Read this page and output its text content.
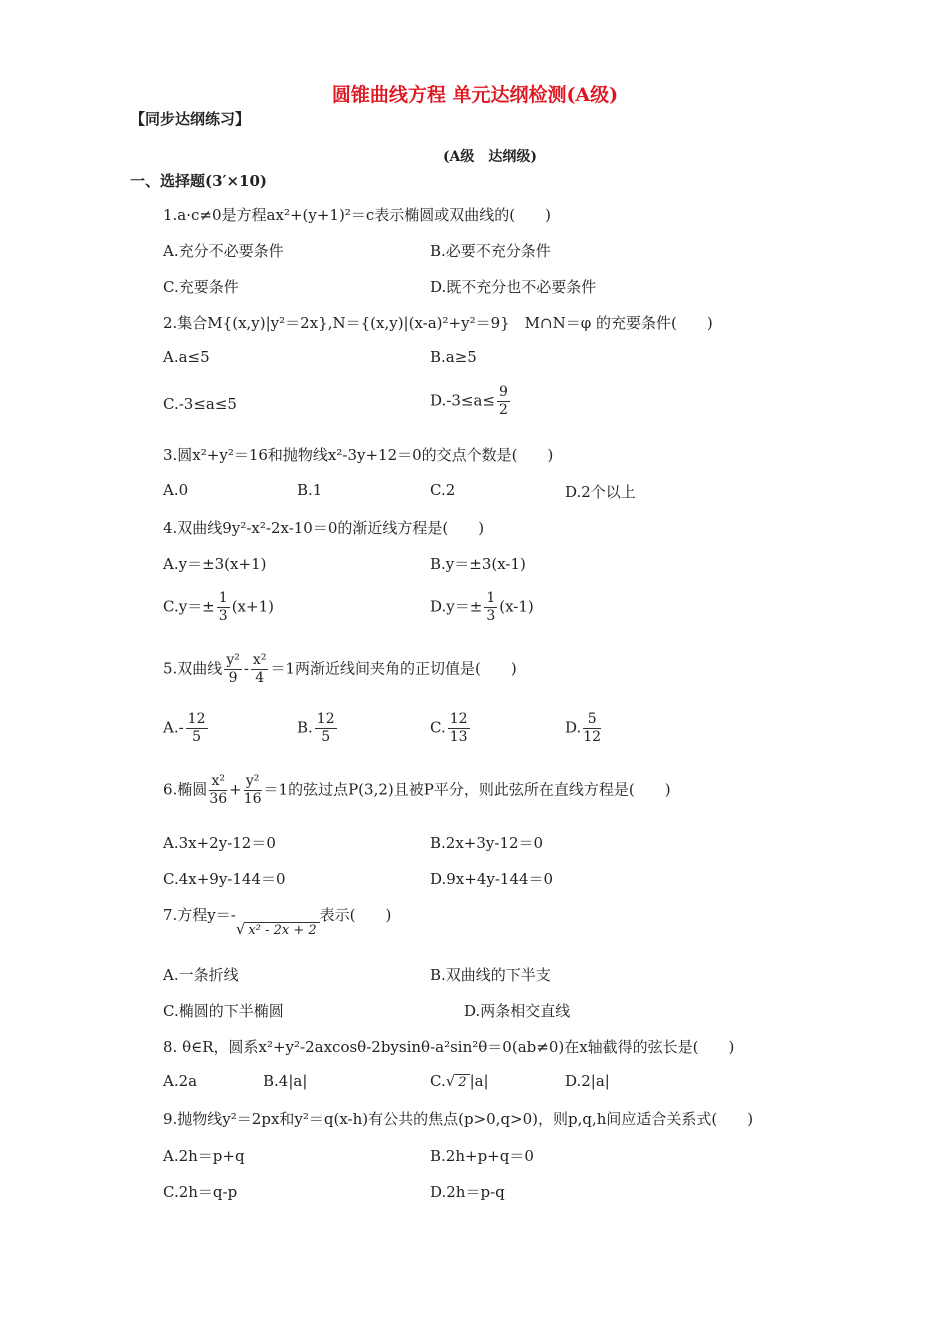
圆锥曲线方程 单元达纲检测(A级)
【同步达纲练习】
(A级　达纲级)
一、选择题(3′×10)
1.a·c≠0是方程ax²+(y+1)²＝c表示椭圆或双曲线的(　　)
A.充分不必要条件	B.必要不充分条件
C.充要条件	D.既不充分也不必要条件
2.集合M{(x,y)|y²＝2x},N＝{(x,y)|(x-a)²+y²＝9}　M∩N＝φ 的充要条件(　　)
A.a≤5	B.a≥5
C.-3≤a≤5	$D.-3\le a\le \frac{9}{2}$
3.圆x²+y²＝16和抛物线x²-3y+12＝0的交点个数是(　　)
A.0	B.1	C.2	D.2个以上
4.双曲线9y²-x²-2x-10＝0的渐近线方程是(　　)
A.y＝±3(x+1)	B.y＝±3(x-1)
$C.y=\pm \frac{1}{3} (x+1)$	$D.y=\pm \frac{1}{3} (x-1)$
5.双曲线 $\frac{\text{y²}}{9} - \frac{\text{x²}}{4} =1$两渐近线间夹角的正切值是(　　)
$A.- \frac{12}{5}$	B. $\frac{12}{5}$	C. $\frac{12}{13}$	D. $\frac{5}{12}$
6.椭圆 $\frac{\text{x²}}{36} + \frac{\text{y²}}{16} =1$的弦过点P(3,2)且被P平分，则此弦所在直线方程是(　　)
A.3x+2y-12＝0	B.2x+3y-12＝0
C.4x+9y-144＝0	D.9x+4y-144＝0
7.方程y＝-√ x² - 2x + 2表示(　　)
A.一条折线	B.双曲线的下半支
C.椭圆的下半椭圆	D.两条相交直线
8. θ∈R，圆系x²+y²-2axcosθ-2bysinθ-a²sin²θ＝0(ab≠0)在x轴截得的弦长是(　　)
A.2a	B.4|a|	C.√ 2 |a|	D.2|a|
9.抛物线y²＝2px和y²＝q(x-h)有公共的焦点(p>0,q>0)，则p,q,h间应适合关系式(　　)
A.2h＝p+q	B.2h+p+q＝0
C.2h＝q-p	D.2h＝p-q
